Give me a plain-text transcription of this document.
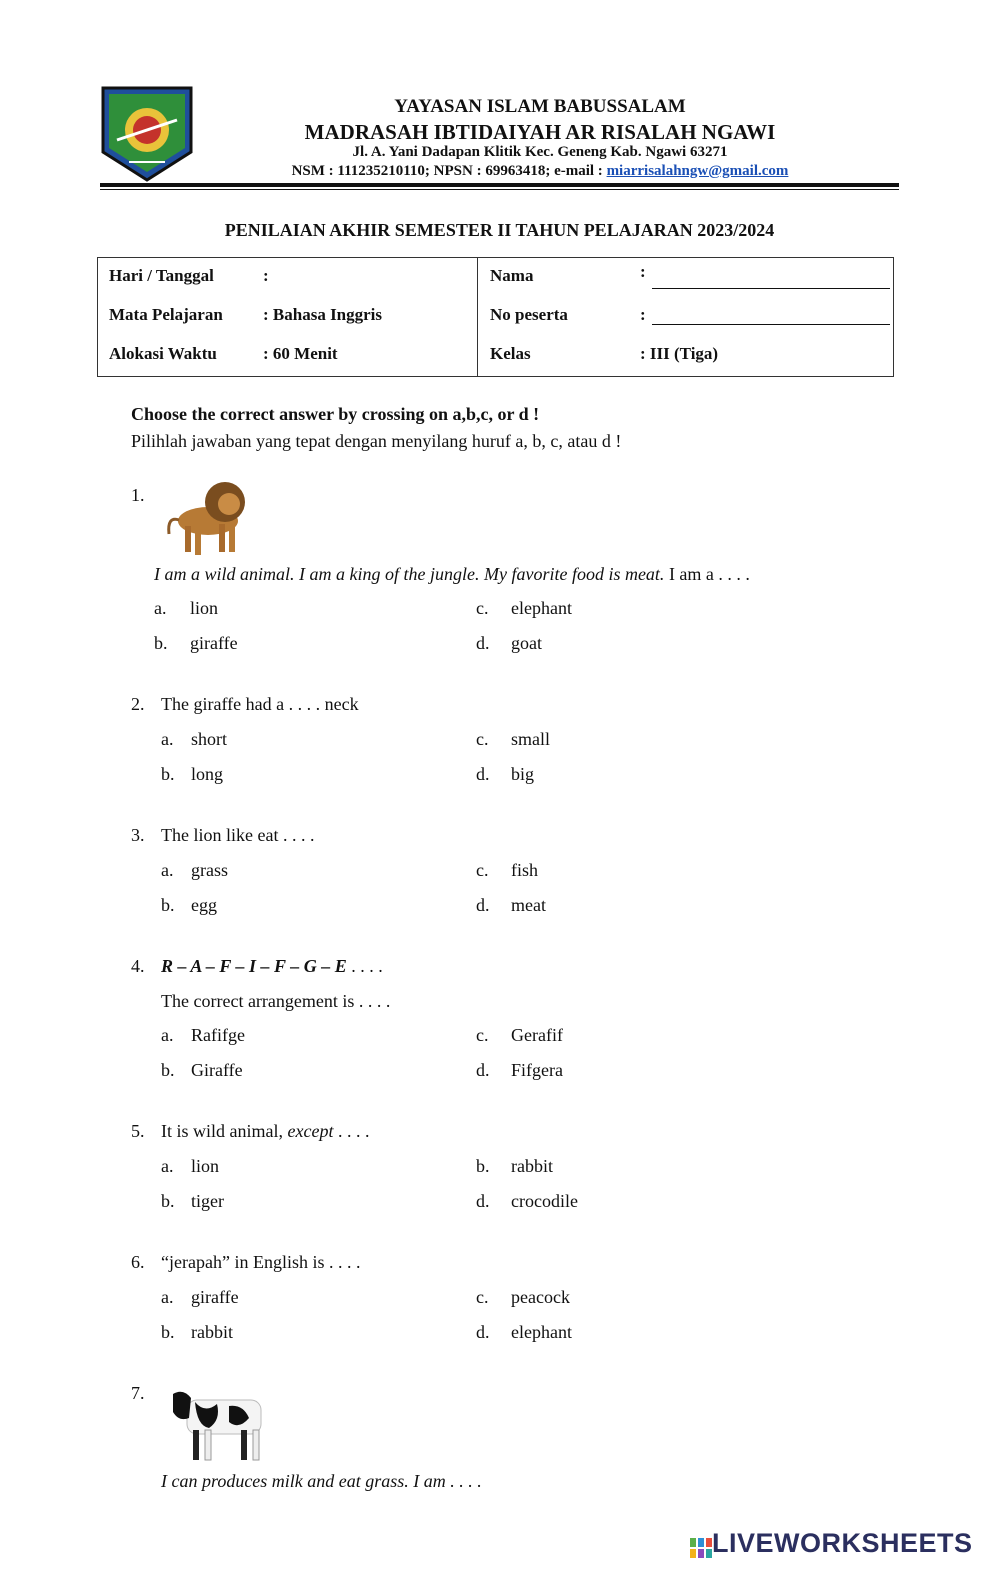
YAYASAN ISLAM BABUSSALAM
MADRASAH IBTIDAIYAH AR RISALAH NGAWI
Jl. A. Yani Dadapan Klitik Kec. Geneng Kab. Ngawi 63271
NSM : 111235210110; NPSN : 69963418; e-mail : miarrisalahngw@gmail.com
PENILAIAN AKHIR SEMESTER II TAHUN PELAJARAN 2023/2024
Hari / Tanggal	:
Mata Pelajaran : Bahasa Inggris
Alokasi Waktu	: 60 Menit
Nama	:
No peserta	:
Kelas	: III (Tiga)
Choose the correct answer by crossing on a,b,c, or d !
Pilihlah jawaban yang tepat dengan menyilang huruf a, b, c, atau d !
1.
I am a wild animal. I am a king of the jungle. My favorite food is meat. I am a . . . .
a. lion	c. elephant
b. giraffe	d. goat
2. The giraffe had a . . . . neck
a. short	c. small
b. long	d. big
3. The lion like eat . . . .
a. grass	c. fish
b. egg	d. meat
4. R – A – F – I – F – G – E . . . .
The correct arrangement is . . . .
a. Rafifge	c. Gerafif
b. Giraffe	d. Fifgera
5. It is wild animal, except . . . .
a. lion	b. rabbit
b. tiger	d. crocodile
6. “jerapah” in English is . . . .
a. giraffe	c. peacock
b. rabbit	d. elephant
7.
I can produces milk and eat grass. I am . . . .
LIVEWORKSHEETS
